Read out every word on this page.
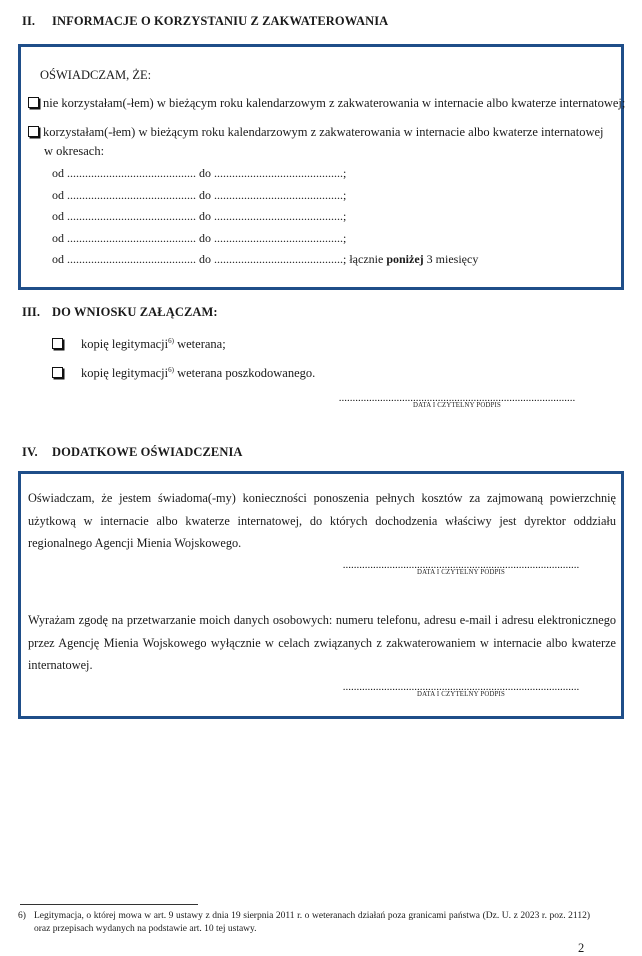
II. INFORMACJE O KORZYSTANIU Z ZAKWATEROWANIA
OŚWIADCZAM, ŻE:
nie korzystałam(-łem) w bieżącym roku kalendarzowym z zakwaterowania w internacie albo kwaterze internatowej;
korzystałam(-łem) w bieżącym roku kalendarzowym z zakwaterowania w internacie albo kwaterze internatowej
w okresach:
od ........................................... do ...........................................;
od ........................................... do ...........................................;
od ........................................... do ...........................................;
od ........................................... do ...........................................;
od ........................................... do ...........................................; łącznie poniżej 3 miesięcy
III. DO WNIOSKU ZAŁĄCZAM:
kopię legitymacji$^{6)}$ weterana;
kopię legitymacji$^{6)}$ weterana poszkodowanego.
......................................................................................
DATA I CZYTELNY PODPIS
IV. DODATKOWE OŚWIADCZENIA
Oświadczam, że jestem świadoma(-my) konieczności ponoszenia pełnych kosztów za zajmowaną powierzchnię użytkową w internacie albo kwaterze internatowej, do których dochodzenia właściwy jest dyrektor oddziału regionalnego Agencji Mienia Wojskowego.
......................................................................................
DATA I CZYTELNY PODPIS
Wyrażam zgodę na przetwarzanie moich danych osobowych: numeru telefonu, adresu e-mail i adresu elektronicznego przez Agencję Mienia Wojskowego wyłącznie w celach związanych z zakwaterowaniem w internacie albo kwaterze internatowej.
......................................................................................
DATA I CZYTELNY PODPIS
6) Legitymacja, o której mowa w art. 9 ustawy z dnia 19 sierpnia 2011 r. o weteranach działań poza granicami państwa (Dz. U. z 2023 r. poz. 2112) oraz przepisach wydanych na podstawie art. 10 tej ustawy.
2
